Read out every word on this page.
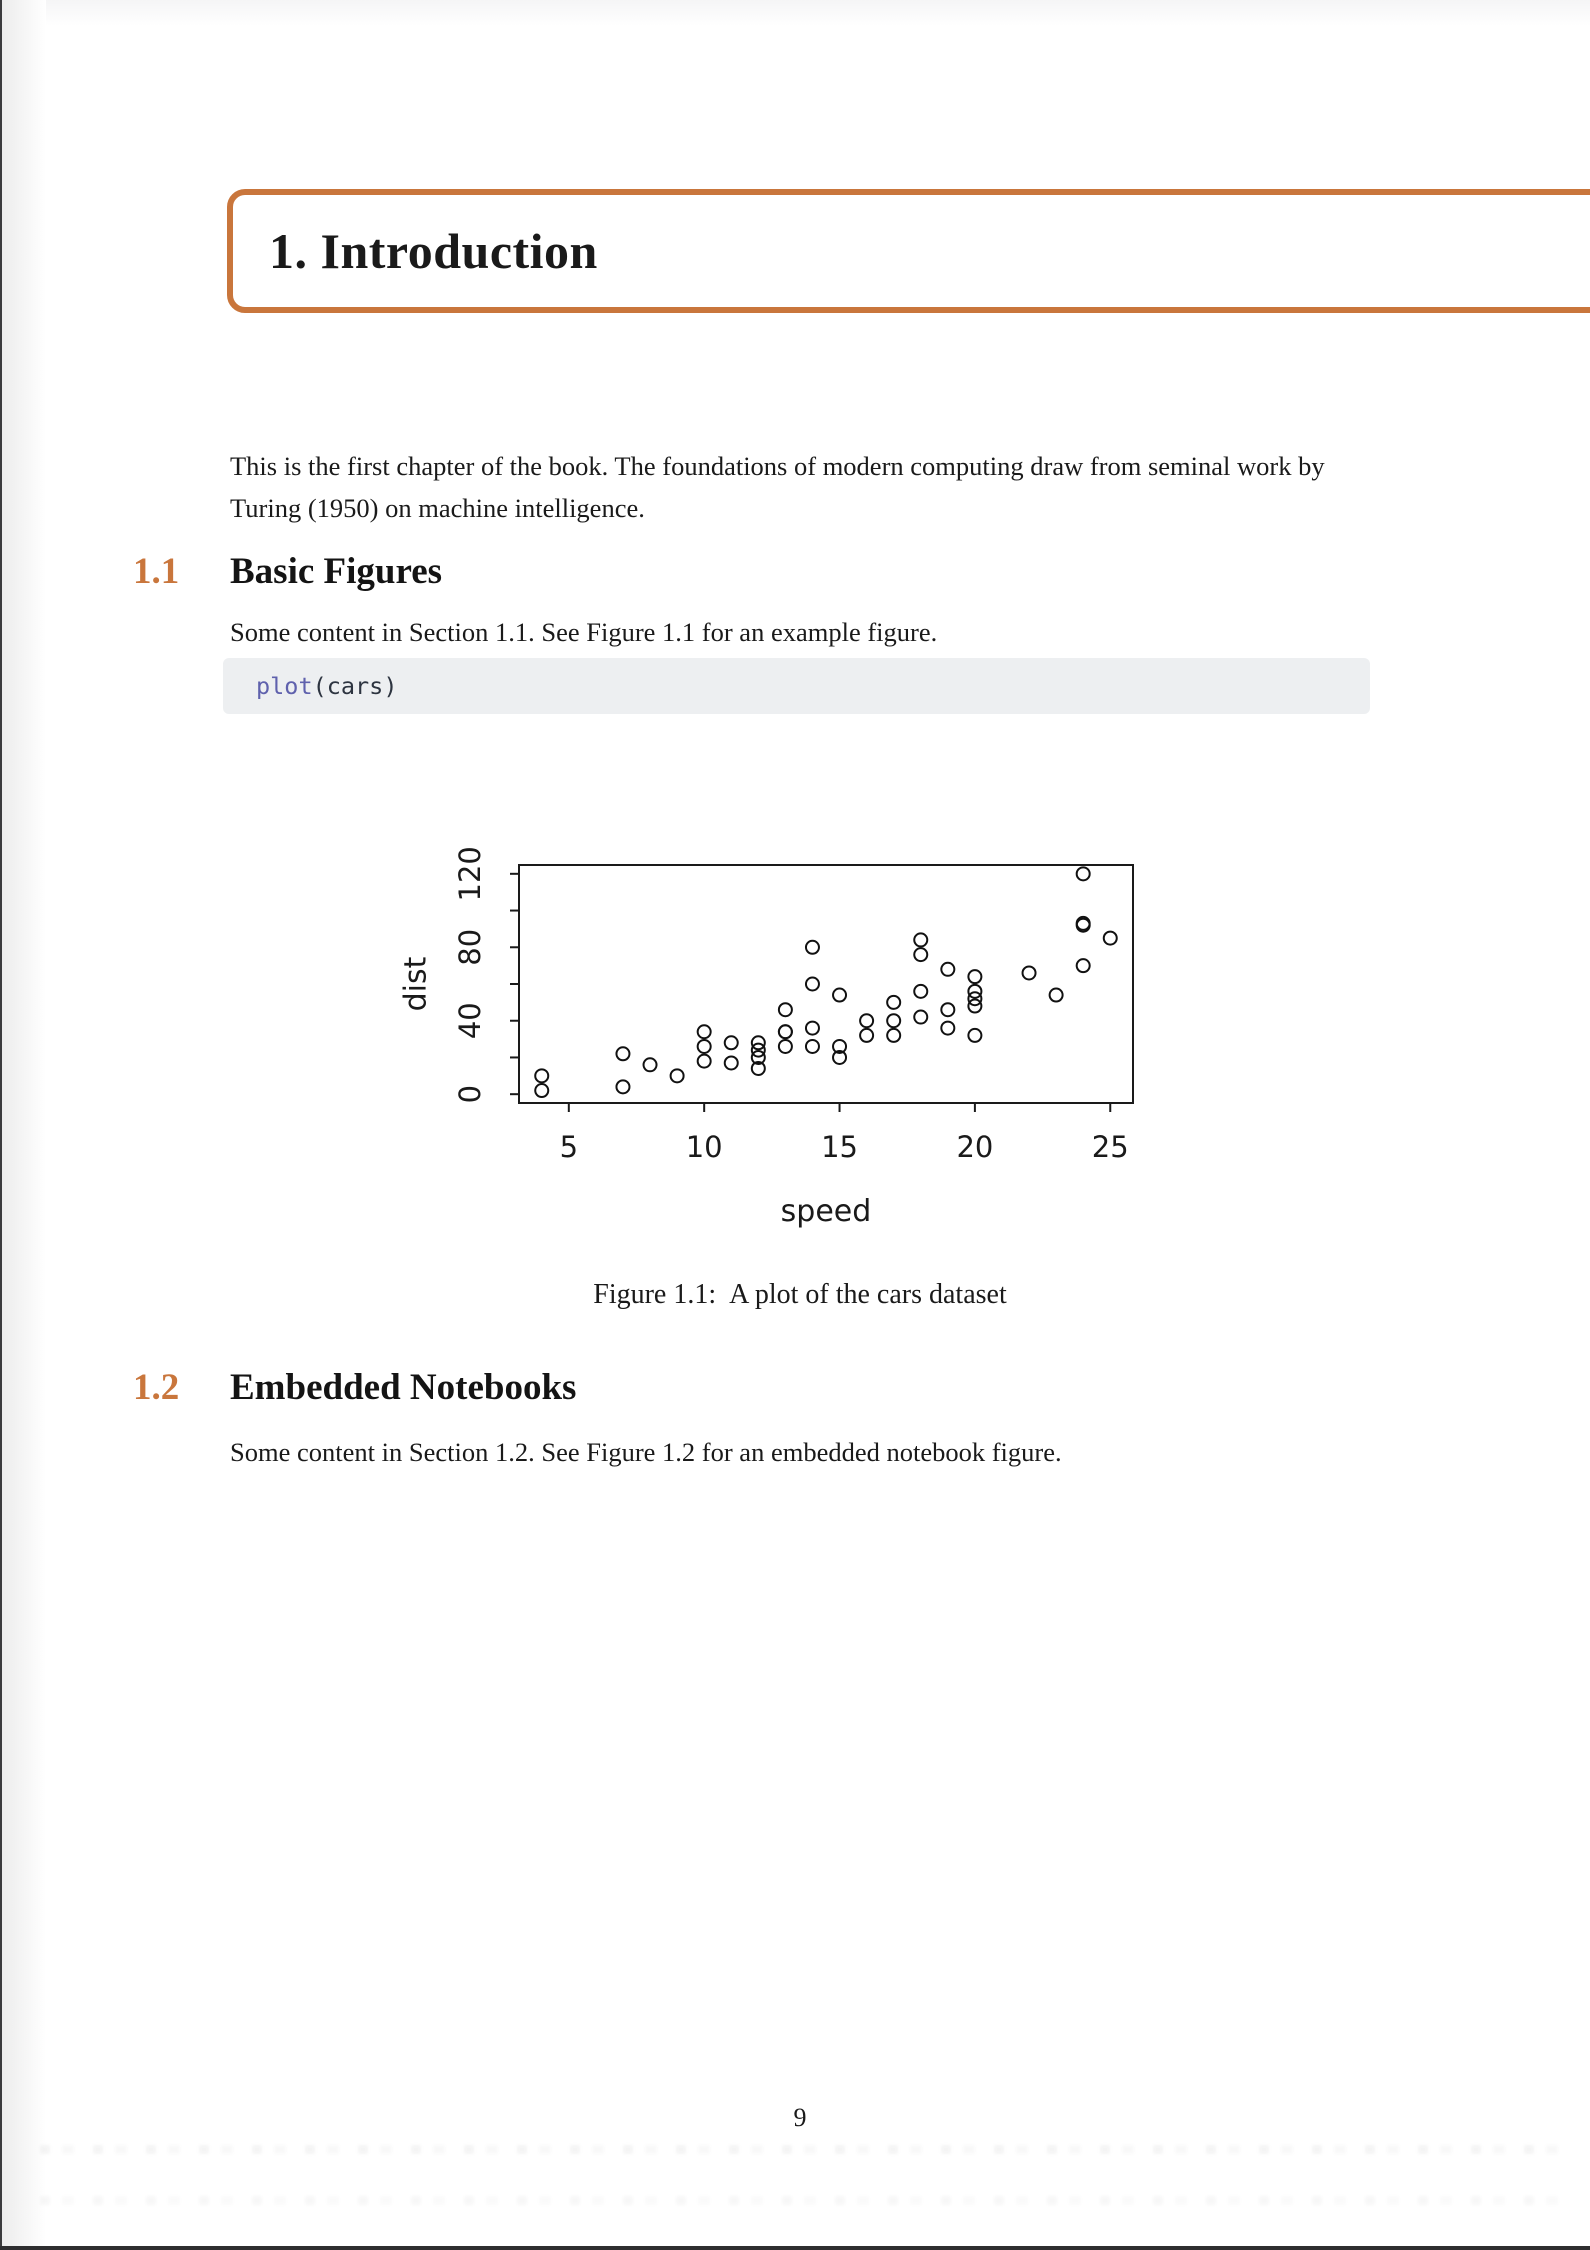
1. Introduction
This is the first chapter of the book. The foundations of modern computing draw from seminal work by Turing (1950) on machine intelligence.
1.1 Basic Figures
Some content in Section 1.1. See Figure 1.1 for an example figure.
plot (cars)
5	10	15	20	25
0
40
80
120
dist
speed
Figure 1.1: A plot of the cars dataset
1.2 Embedded Notebooks
Some content in Section 1.2. See Figure 1.2 for an embedded notebook figure.
9
